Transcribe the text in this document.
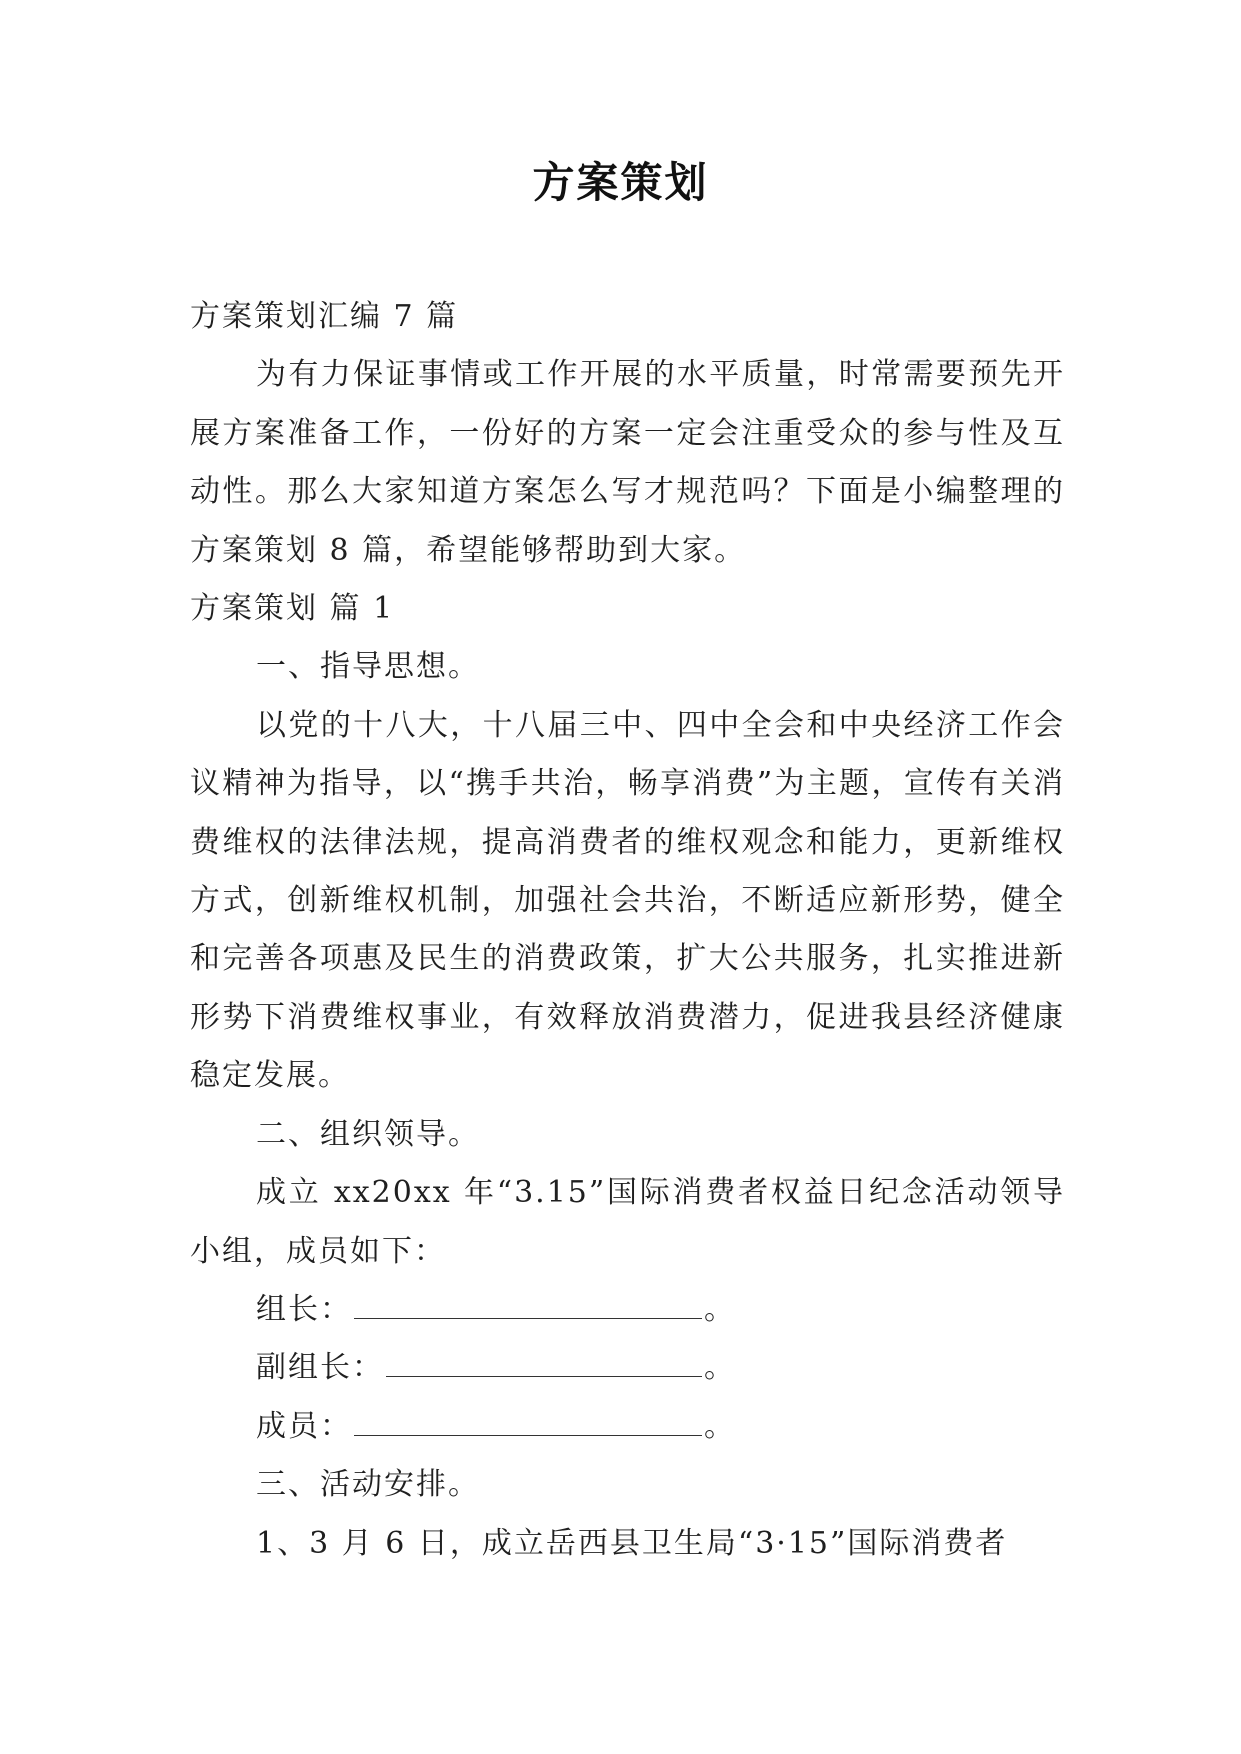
方案策划

方案策划汇编 7 篇

为有力保证事情或工作开展的水平质量，时常需要预先开展方案准备工作，一份好的方案一定会注重受众的参与性及互动性。那么大家知道方案怎么写才规范吗？下面是小编整理的方案策划 8 篇，希望能够帮助到大家。

方案策划 篇 1

一、指导思想。

以党的十八大，十八届三中、四中全会和中央经济工作会议精神为指导，以“携手共治，畅享消费”为主题，宣传有关消费维权的法律法规，提高消费者的维权观念和能力，更新维权方式，创新维权机制，加强社会共治，不断适应新形势，健全和完善各项惠及民生的消费政策，扩大公共服务，扎实推进新形势下消费维权事业，有效释放消费潜力，促进我县经济健康稳定发展。

二、组织领导。

成立 xx20xx 年“3.15”国际消费者权益日纪念活动领导小组，成员如下：

组长：	。

副组长：	。

成员：	。

三、活动安排。

1、3 月 6 日，成立岳西县卫生局“3·15”国际消费者
